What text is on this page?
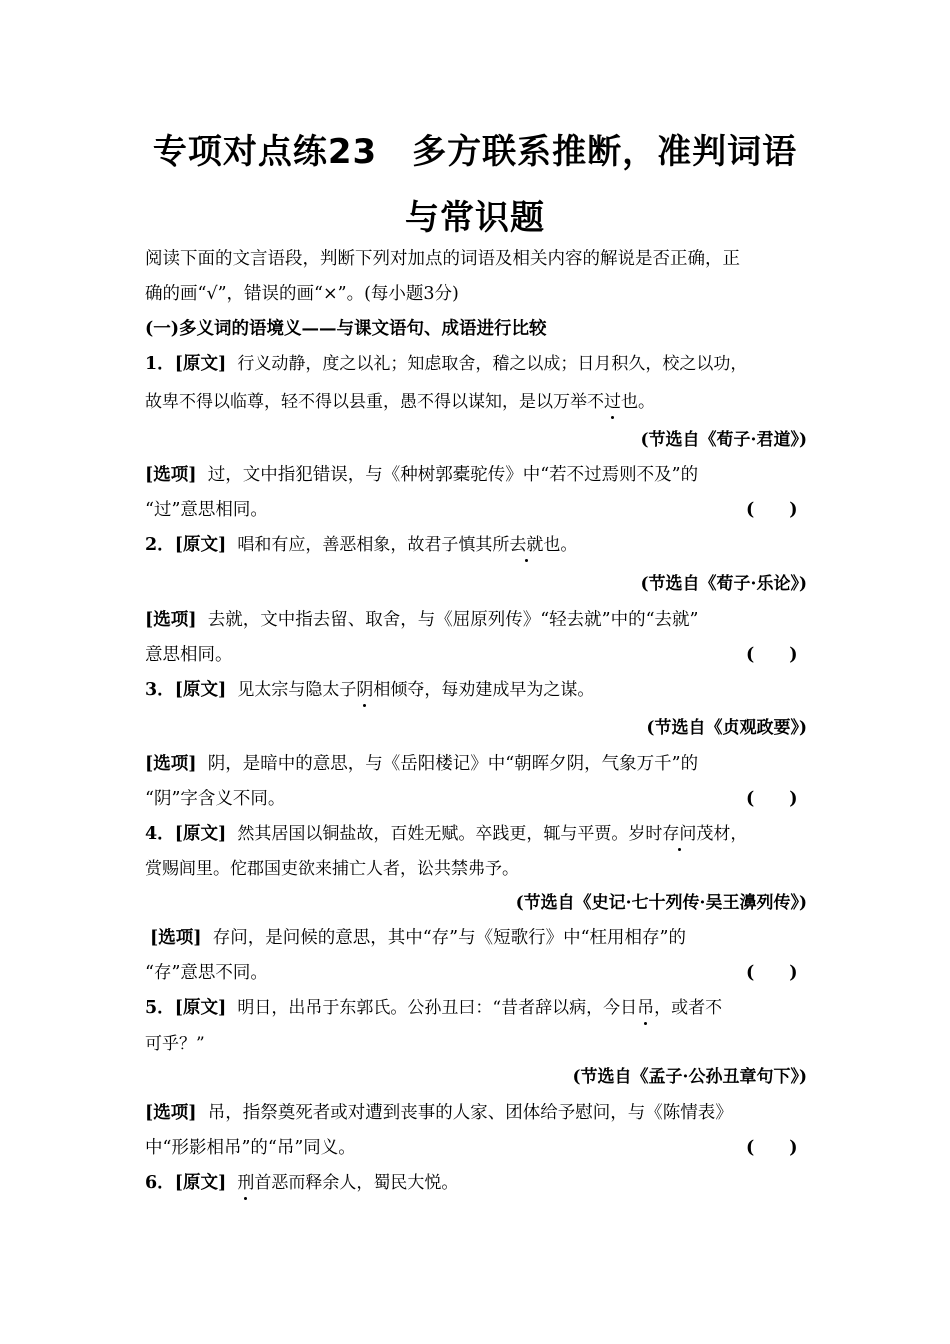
专项对点练23　多方联系推断，准判词语
与常识题
阅读下面的文言语段，判断下列对加点的词语及相关内容的解说是否正确，正
确的画“√”，错误的画“×”。(每小题3分)
(一)多义词的语境义——与课文语句、成语进行比较
1．[原文] 行义动静，度之以礼；知虑取舍，稽之以成；日月积久，校之以功，
故卑不得以临尊，轻不得以县重，愚不得以谋知，是以万举不过也。
(节选自《荀子·君道》)
[选项] 过，文中指犯错误，与《种树郭橐驼传》中“若不过焉则不及”的
“过”意思相同。	(　　)
2．[原文] 唱和有应，善恶相象，故君子慎其所去就也。
(节选自《荀子·乐论》)
[选项] 去就，文中指去留、取舍，与《屈原列传》“轻去就”中的“去就”
意思相同。	(　　)
3．[原文] 见太宗与隐太子阴相倾夺，每劝建成早为之谋。
(节选自《贞观政要》)
[选项] 阴，是暗中的意思，与《岳阳楼记》中“朝晖夕阴，气象万千”的
“阴”字含义不同。	(　　)
4．[原文] 然其居国以铜盐故，百姓无赋。卒践更，辄与平贾。岁时存问茂材，
赏赐闾里。佗郡国吏欲来捕亡人者，讼共禁弗予。
(节选自《史记·七十列传·吴王濞列传》)
[选项] 存问，是问候的意思，其中“存”与《短歌行》中“枉用相存”的
“存”意思不同。	(　　)
5．[原文] 明日，出吊于东郭氏。公孙丑曰：“昔者辞以病，今日吊，或者不
可乎？”
(节选自《孟子·公孙丑章句下》)
[选项] 吊，指祭奠死者或对遭到丧事的人家、团体给予慰问，与《陈情表》
中“形影相吊”的“吊”同义。	(　　)
6．[原文] 刑首恶而释余人，蜀民大悦。
